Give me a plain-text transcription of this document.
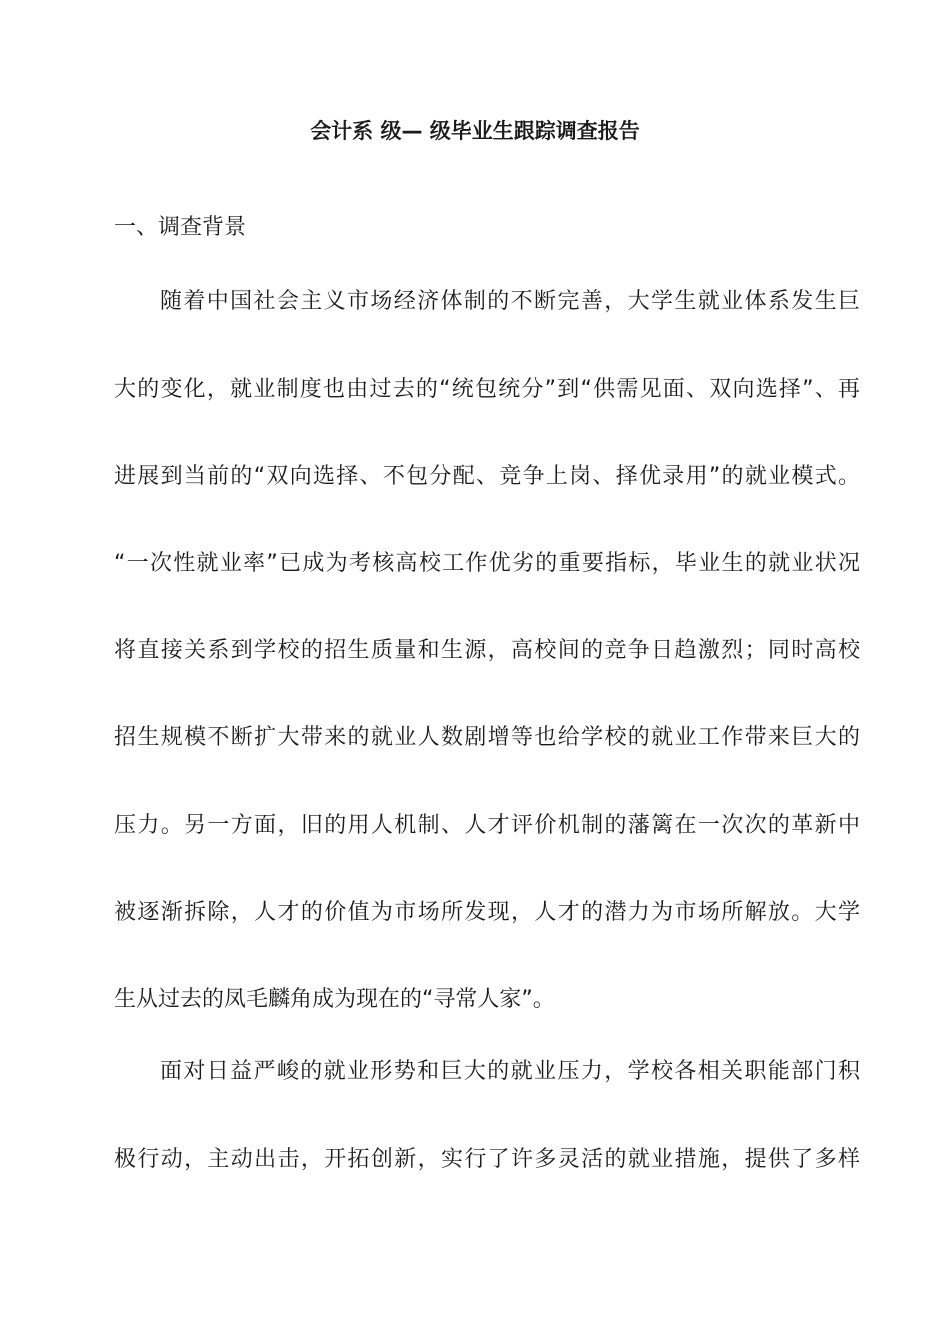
会计系 级— 级毕业生跟踪调查报告
一、调查背景
随着中国社会主义市场经济体制的不断完善，大学生就业体系发生巨
大的变化，就业制度也由过去的“统包统分”到“供需见面、双向选择”、再
进展到当前的“双向选择、不包分配、竞争上岗、择优录用”的就业模式。
“一次性就业率”已成为考核高校工作优劣的重要指标，毕业生的就业状况
将直接关系到学校的招生质量和生源，高校间的竞争日趋激烈；同时高校
招生规模不断扩大带来的就业人数剧增等也给学校的就业工作带来巨大的
压力。另一方面，旧的用人机制、人才评价机制的藩篱在一次次的革新中
被逐渐拆除，人才的价值为市场所发现，人才的潜力为市场所解放。大学
生从过去的凤毛麟角成为现在的“寻常人家”。
面对日益严峻的就业形势和巨大的就业压力，学校各相关职能部门积
极行动，主动出击，开拓创新，实行了许多灵活的就业措施，提供了多样
